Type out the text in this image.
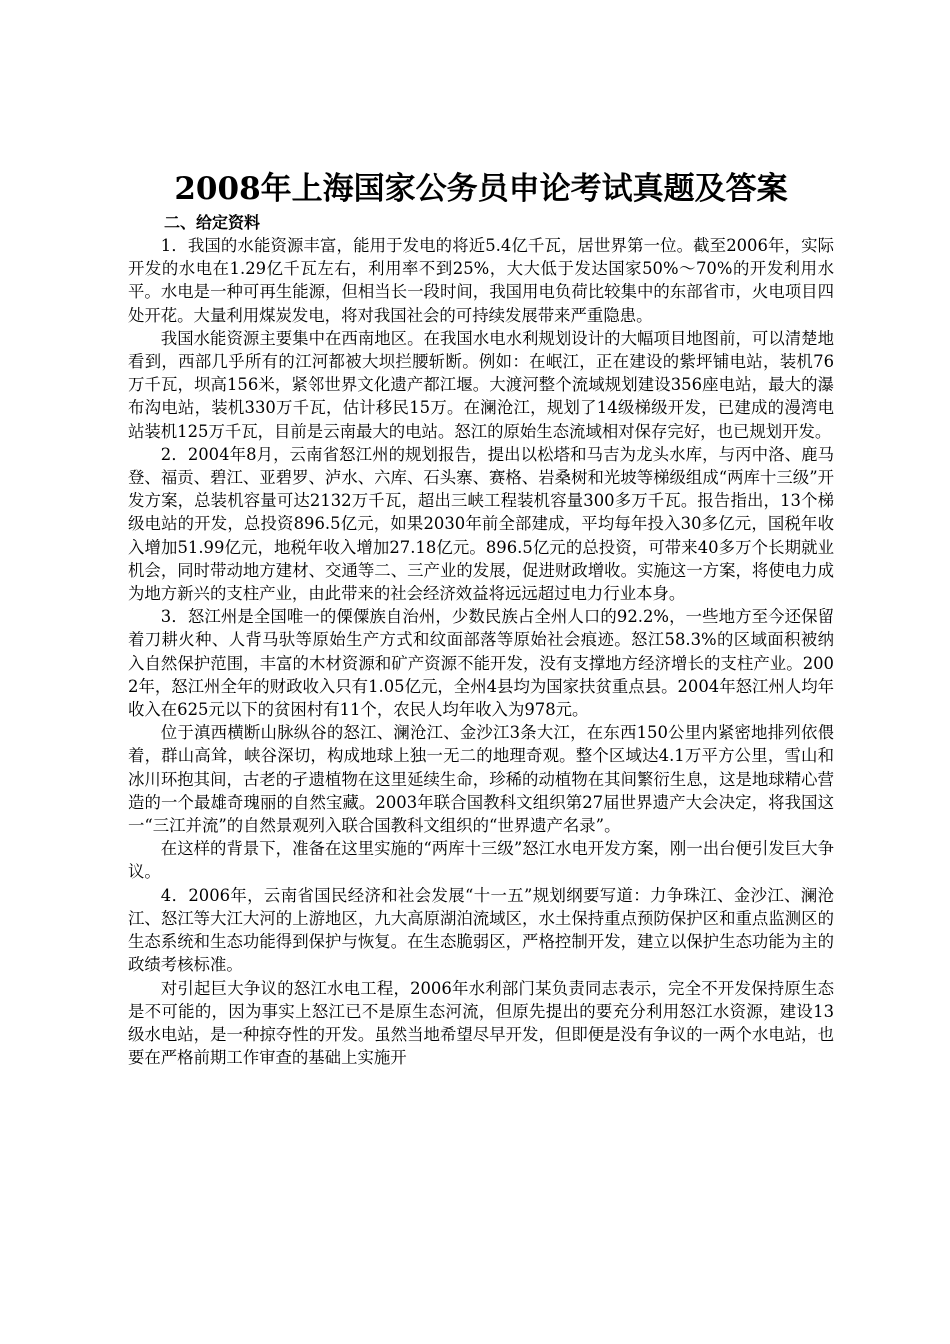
2008年上海国家公务员申论考试真题及答案
二、给定资料

1．我国的水能资源丰富，能用于发电的将近5.4亿千瓦，居世界第一位。截至2006年，实际开发的水电在1.29亿千瓦左右，利用率不到25%，大大低于发达国家50%～70%的开发利用水平。水电是一种可再生能源，但相当长一段时间，我国用电负荷比较集中的东部省市，火电项目四处开花。大量利用煤炭发电，将对我国社会的可持续发展带来严重隐患。

我国水能资源主要集中在西南地区。在我国水电水利规划设计的大幅项目地图前，可以清楚地看到，西部几乎所有的江河都被大坝拦腰斩断。例如：在岷江，正在建设的紫坪铺电站，装机76万千瓦，坝高156米，紧邻世界文化遗产都江堰。大渡河整个流域规划建设356座电站，最大的瀑布沟电站，装机330万千瓦，估计移民15万。在澜沧江，规划了14级梯级开发，已建成的漫湾电站装机125万千瓦，目前是云南最大的电站。怒江的原始生态流域相对保存完好，也已规划开发。

2．2004年8月，云南省怒江州的规划报告，提出以松塔和马吉为龙头水库，与丙中洛、鹿马登、福贡、碧江、亚碧罗、泸水、六库、石头寨、赛格、岩桑树和光坡等梯级组成“两库十三级”开发方案，总装机容量可达2132万千瓦，超出三峡工程装机容量300多万千瓦。报告指出，13个梯级电站的开发，总投资896.5亿元，如果2030年前全部建成，平均每年投入30多亿元，国税年收入增加51.99亿元，地税年收入增加27.18亿元。896.5亿元的总投资，可带来40多万个长期就业机会，同时带动地方建材、交通等二、三产业的发展，促进财政增收。实施这一方案，将使电力成为地方新兴的支柱产业，由此带来的社会经济效益将远远超过电力行业本身。

3．怒江州是全国唯一的傈僳族自治州，少数民族占全州人口的92.2%，一些地方至今还保留着刀耕火种、人背马驮等原始生产方式和纹面部落等原始社会痕迹。怒江58.3%的区域面积被纳入自然保护范围，丰富的木材资源和矿产资源不能开发，没有支撑地方经济增长的支柱产业。2002年，怒江州全年的财政收入只有1.05亿元，全州4县均为国家扶贫重点县。2004年怒江州人均年收入在625元以下的贫困村有11个，农民人均年收入为978元。

位于滇西横断山脉纵谷的怒江、澜沧江、金沙江3条大江，在东西150公里内紧密地排列依偎着，群山高耸，峡谷深切，构成地球上独一无二的地理奇观。整个区域达4.1万平方公里，雪山和冰川环抱其间，古老的孑遗植物在这里延续生命，珍稀的动植物在其间繁衍生息，这是地球精心营造的一个最雄奇瑰丽的自然宝藏。2003年联合国教科文组织第27届世界遗产大会决定，将我国这一“三江并流”的自然景观列入联合国教科文组织的“世界遗产名录”。

在这样的背景下，准备在这里实施的“两库十三级”怒江水电开发方案，刚一出台便引发巨大争议。

4．2006年，云南省国民经济和社会发展“十一五”规划纲要写道：力争珠江、金沙江、澜沧江、怒江等大江大河的上游地区，九大高原湖泊流域区，水土保持重点预防保护区和重点监测区的生态系统和生态功能得到保护与恢复。在生态脆弱区，严格控制开发，建立以保护生态功能为主的政绩考核标准。

对引起巨大争议的怒江水电工程，2006年水利部门某负责同志表示，完全不开发保持原生态是不可能的，因为事实上怒江已不是原生态河流，但原先提出的要充分利用怒江水资源，建设13级水电站，是一种掠夺性的开发。虽然当地希望尽早开发，但即便是没有争议的一两个水电站，也要在严格前期工作审查的基础上实施开
